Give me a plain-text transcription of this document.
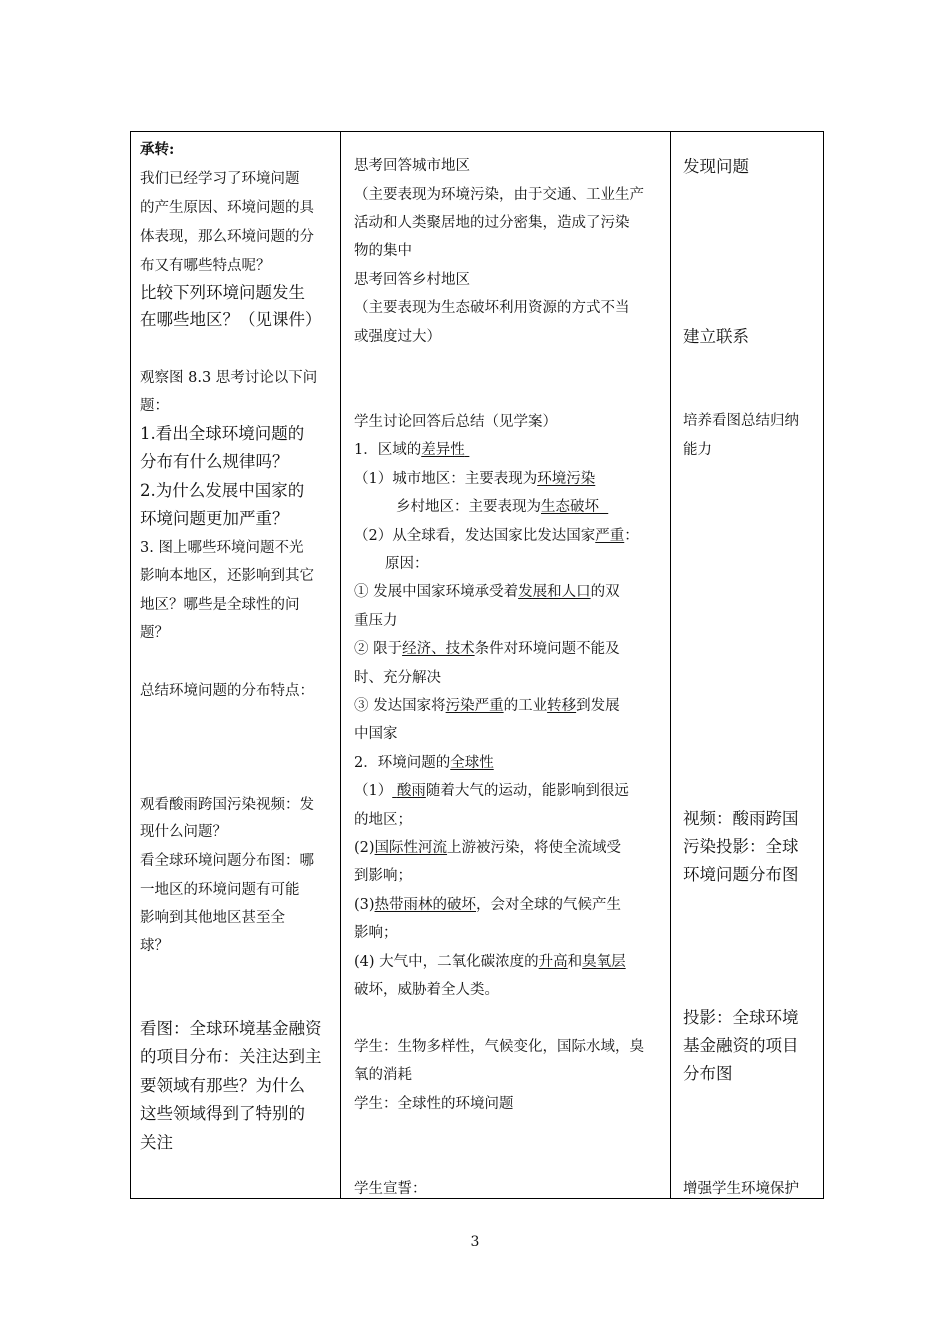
承转:
我们已经学习了环境问题
的产生原因、环境问题的具
体表现，那么环境问题的分
布又有哪些特点呢？
比较下列环境问题发生
在哪些地区？（见课件）
观察图 8.3 思考讨论以下问
题：
1.看出全球环境问题的
分布有什么规律吗？
2.为什么发展中国家的
环境问题更加严重？
3. 图上哪些环境问题不光
影响本地区，还影响到其它
地区？哪些是全球性的问
题？
总结环境问题的分布特点：
观看酸雨跨国污染视频：发
现什么问题？
看全球环境问题分布图：哪
一地区的环境问题有可能
影响到其他地区甚至全
球？
看图：全球环境基金融资
的项目分布：关注达到主
要领域有那些？为什么
这些领域得到了特别的
关注
思考回答城市地区
（主要表现为环境污染，由于交通、工业生产
活动和人类聚居地的过分密集，造成了污染
物的集中
思考回答乡村地区
（主要表现为生态破坏利用资源的方式不当
或强度过大）
学生讨论回答后总结（见学案）
1．区域的差异性
（1）城市地区：主要表现为环境污染
乡村地区：主要表现为生态破坏
（2）从全球看，发达国家比发达国家严重：
原因：
① 发展中国家环境承受着发展和人口的双
重压力
② 限于经济、技术条件对环境问题不能及
时、充分解决
③ 发达国家将污染严重的工业转移到发展
中国家
2．环境问题的全球性
（1） 酸雨随着大气的运动，能影响到很远
的地区；
(2)国际性河流上游被污染，将使全流域受
到影响；
(3)热带雨林的破坏，会对全球的气候产生
影响；
(4) 大气中，二氧化碳浓度的升高和臭氧层
破坏，威胁着全人类。
学生：生物多样性，气候变化，国际水域，臭
氧的消耗
学生：全球性的环境问题
学生宣誓：
发现问题
建立联系
培养看图总结归纳
能力
视频：酸雨跨国
污染投影：全球
环境问题分布图
投影：全球环境
基金融资的项目
分布图
增强学生环境保护
3
